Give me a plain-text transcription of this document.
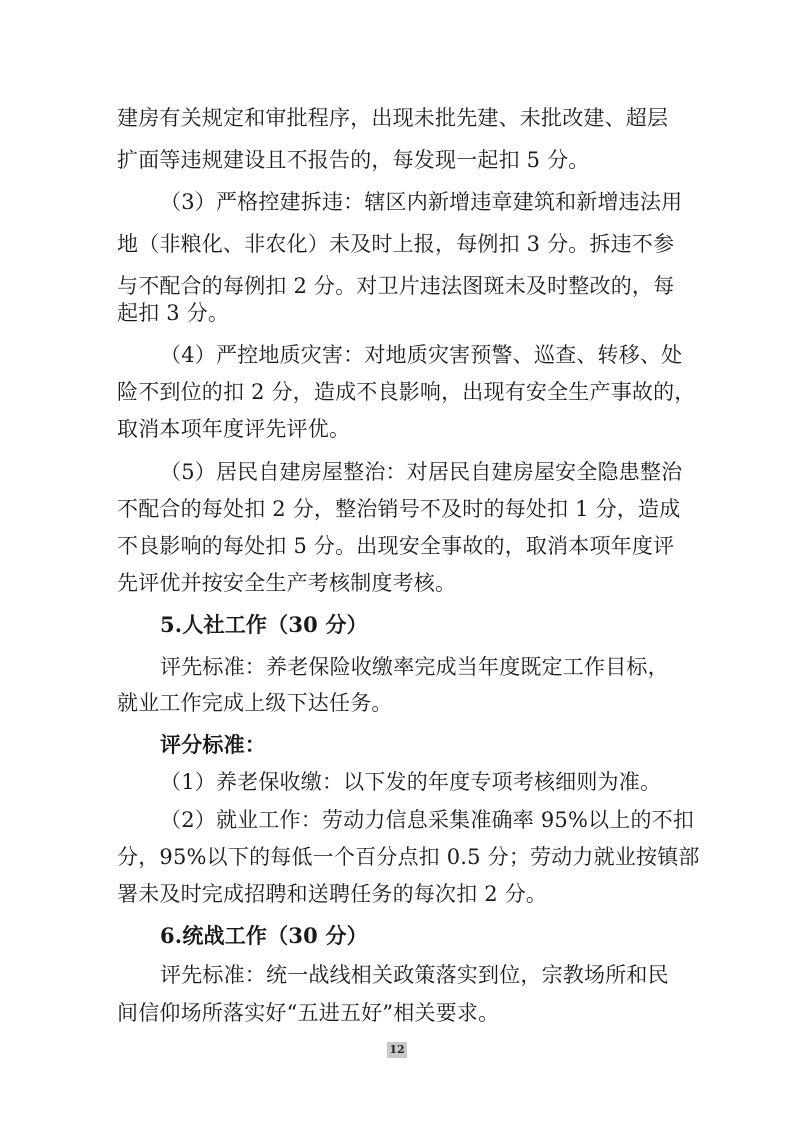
建房有关规定和审批程序，出现未批先建、未批改建、超层
扩面等违规建设且不报告的，每发现一起扣 5 分。
（3）严格控建拆违：辖区内新增违章建筑和新增违法用
地（非粮化、非农化）未及时上报，每例扣 3 分。拆违不参
与不配合的每例扣 2 分。对卫片违法图斑未及时整改的，每
起扣 3 分。
（4）严控地质灾害：对地质灾害预警、巡查、转移、处
险不到位的扣 2 分，造成不良影响，出现有安全生产事故的，
取消本项年度评先评优。
（5）居民自建房屋整治：对居民自建房屋安全隐患整治
不配合的每处扣 2 分，整治销号不及时的每处扣 1 分，造成
不良影响的每处扣 5 分。出现安全事故的，取消本项年度评
先评优并按安全生产考核制度考核。
5.人社工作（30 分）
评先标准：养老保险收缴率完成当年度既定工作目标，
就业工作完成上级下达任务。
评分标准：
（1）养老保收缴：以下发的年度专项考核细则为准。
（2）就业工作：劳动力信息采集准确率 95%以上的不扣
分，95%以下的每低一个百分点扣 0.5 分；劳动力就业按镇部
署未及时完成招聘和送聘任务的每次扣 2 分。
6.统战工作（30 分）
评先标准：统一战线相关政策落实到位，宗教场所和民
间信仰场所落实好“五进五好”相关要求。
12
